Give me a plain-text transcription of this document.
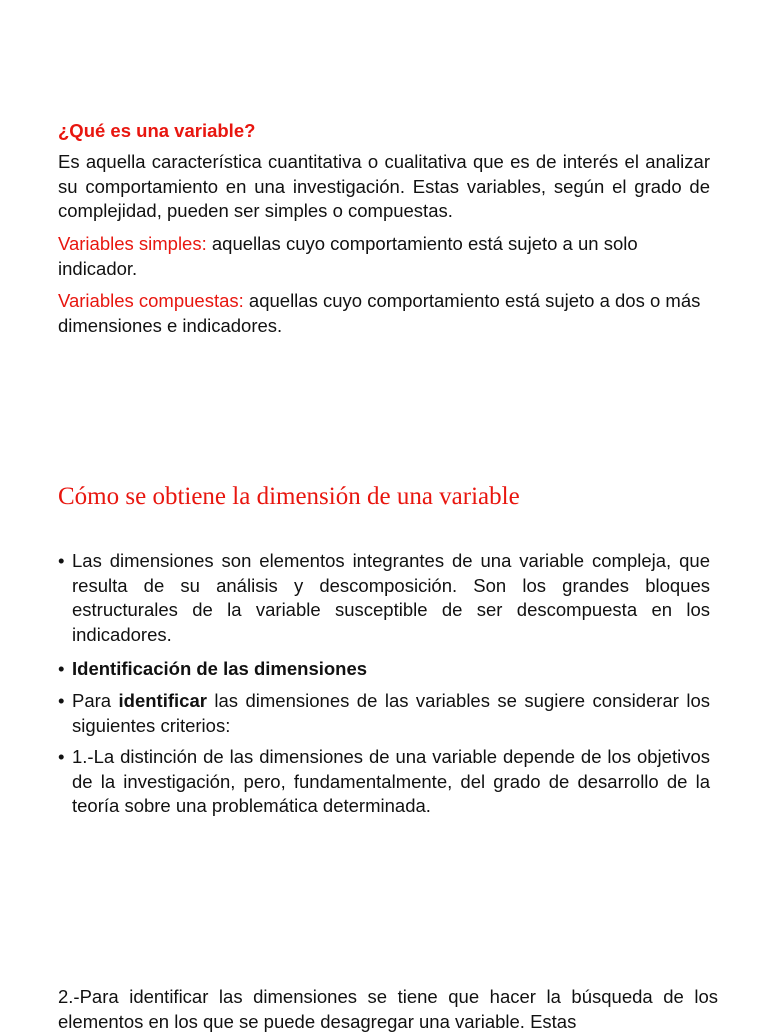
¿Qué es una variable?

Es aquella característica cuantitativa o cualitativa que es de interés el analizar su comportamiento en una investigación. Estas variables, según el grado de complejidad, pueden ser simples o compuestas.

Variables simples: aquellas cuyo comportamiento está sujeto a un solo indicador.

Variables compuestas: aquellas cuyo comportamiento está sujeto a dos o más dimensiones e indicadores.

Cómo se obtiene la dimensión de una variable
• Las dimensiones son elementos integrantes de una variable compleja, que resulta de su análisis y descomposición. Son los grandes bloques estructurales de la variable susceptible de ser descompuesta en los indicadores.
• Identificación de las dimensiones
• Para identificar las dimensiones de las variables se sugiere considerar los siguientes criterios:
• 1.-La distinción de las dimensiones de una variable depende de los objetivos de la investigación, pero, fundamentalmente, del grado de desarrollo de la teoría sobre una problemática determinada.

2.-Para identificar las dimensiones se tiene que hacer la búsqueda de los elementos en los que se puede desagregar una variable. Estas
